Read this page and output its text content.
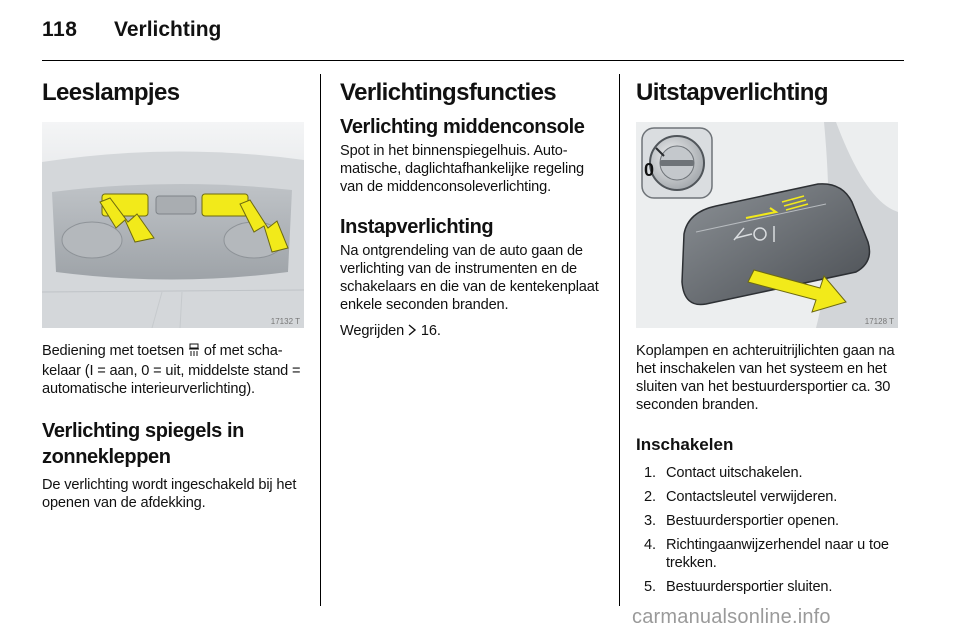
118 Verlichting
Leeslampjes
17132 T

Bediening met toetsen  of met schakelaar (I = aan, 0 = uit, middelste stand = automatische interieurverlichting).

Verlichting spiegels in zonnekleppen

De verlichting wordt ingeschakeld bij het openen van de afdekking.

Verlichtingsfuncties
Verlichting middenconsole

Spot in het binnenspiegelhuis. Automatische, daglichtafhankelijke regeling van de middenconsoleverlichting.

Instapverlichting

Na ontgrendeling van de auto gaan de verlichting van de instrumenten en de schakelaars en die van de kentekenplaat enkele seconden branden.

Wegrijden  16.

Uitstapverlichting
0
17128 T

Koplampen en achteruitrijlichten gaan na het inschakelen van het systeem en het sluiten van het bestuurdersportier ca. 30 seconden branden.

Inschakelen
1. Contact uitschakelen.
2. Contactsleutel verwijderen.
3. Bestuurdersportier openen.
4. Richtingaanwijzerhendel naar u toe trekken.
5. Bestuurdersportier sluiten.
carmanualsonline.info
